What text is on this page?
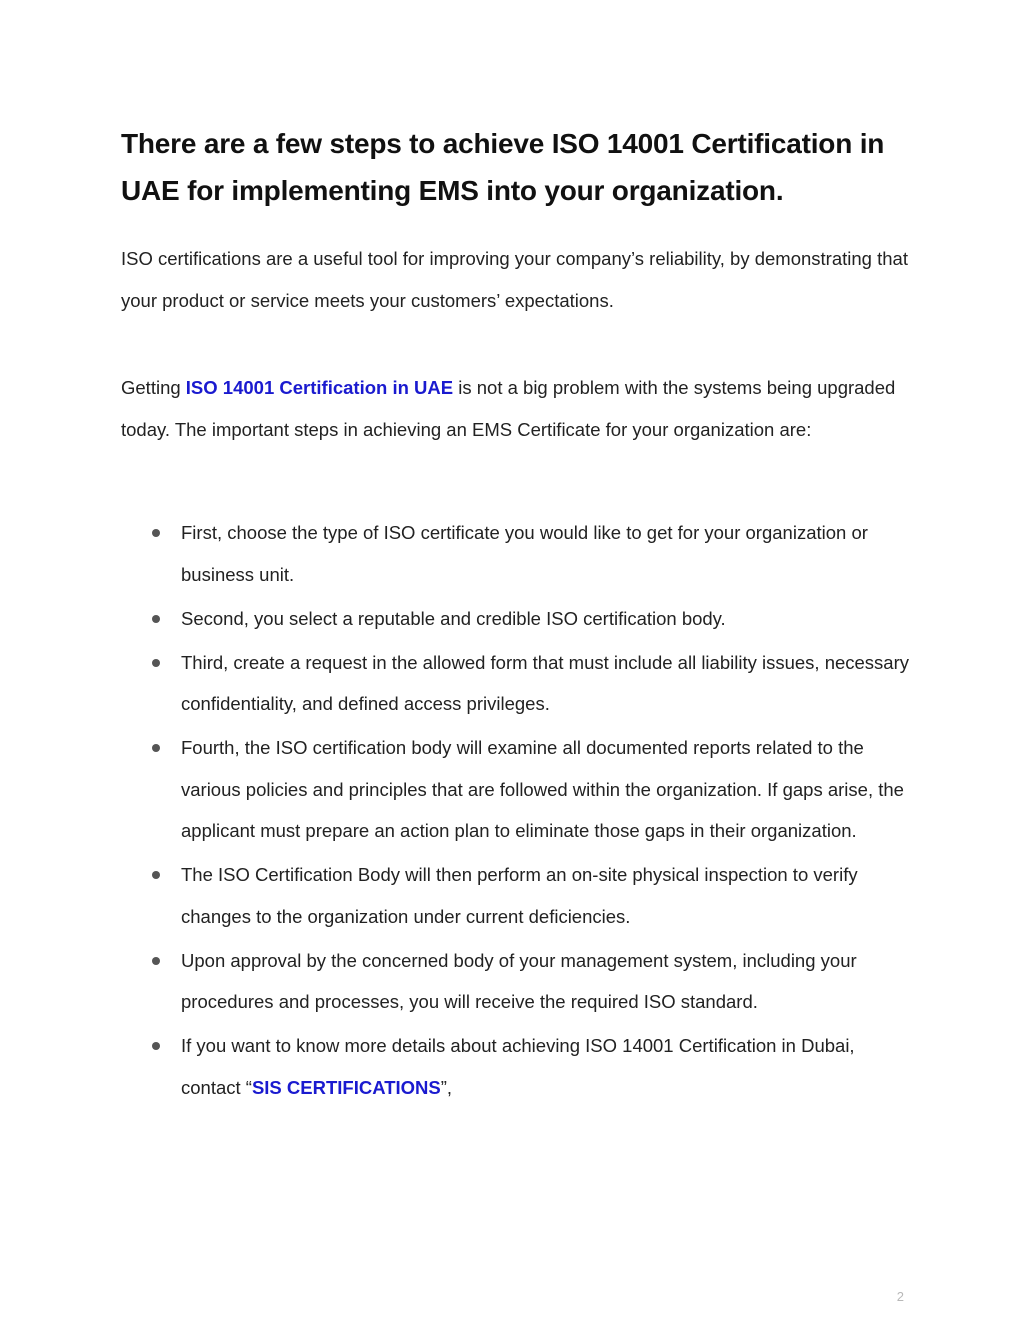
There are a few steps to achieve ISO 14001 Certification in UAE for implementing EMS into your organization.

ISO certifications are a useful tool for improving your company’s reliability, by demonstrating that your product or service meets your customers’ expectations.

Getting ISO 14001 Certification in UAE is not a big problem with the systems being upgraded today. The important steps in achieving an EMS Certificate for your organization are:

First, choose the type of ISO certificate you would like to get for your organization or business unit.
Second, you select a reputable and credible ISO certification body.
Third, create a request in the allowed form that must include all liability issues, necessary confidentiality, and defined access privileges.
Fourth, the ISO certification body will examine all documented reports related to the various policies and principles that are followed within the organization. If gaps arise, the applicant must prepare an action plan to eliminate those gaps in their organization.
The ISO Certification Body will then perform an on-site physical inspection to verify changes to the organization under current deficiencies.
Upon approval by the concerned body of your management system, including your procedures and processes, you will receive the required ISO standard.
If you want to know more details about achieving ISO 14001 Certification in Dubai, contact “SIS CERTIFICATIONS”,
2
